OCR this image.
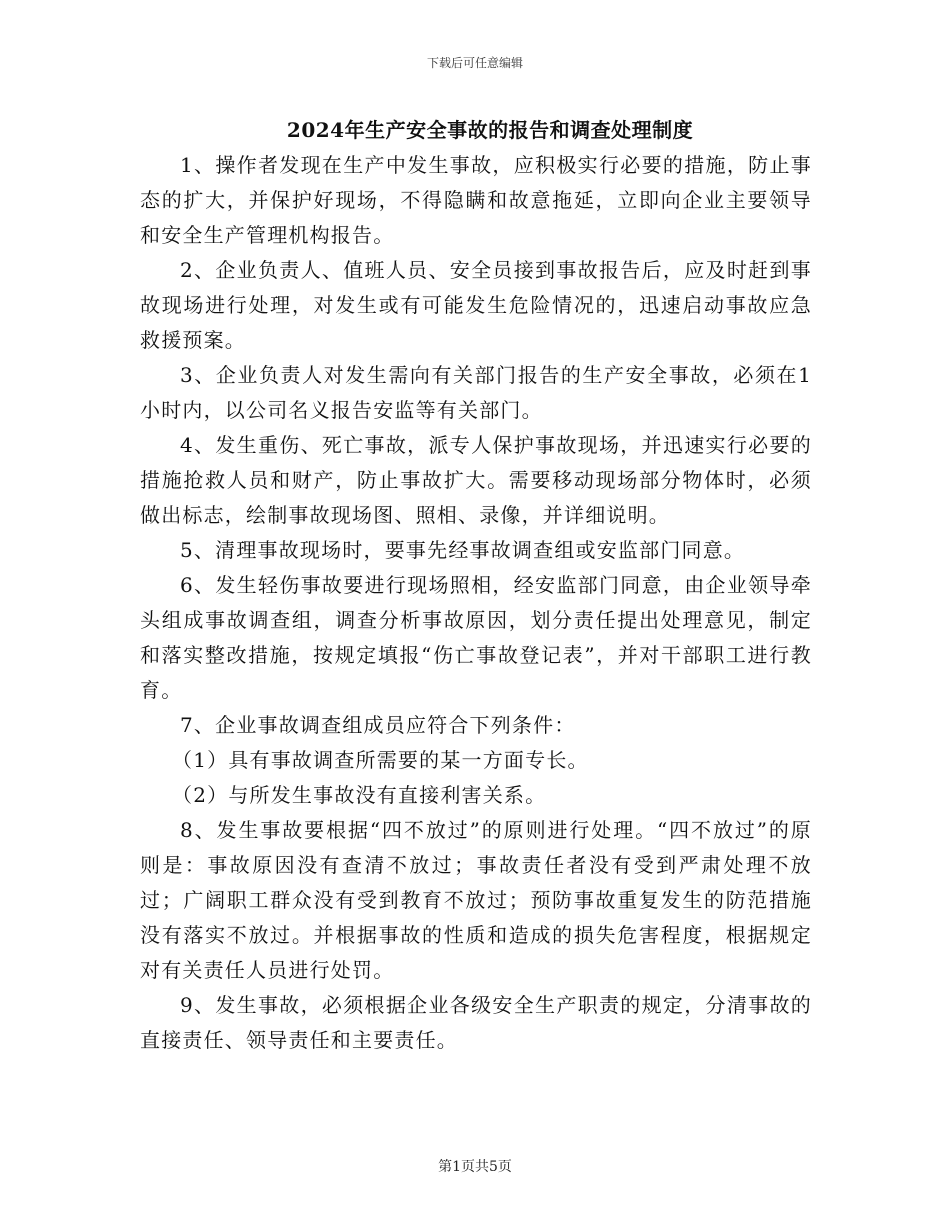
下载后可任意编辑
2024年生产安全事故的报告和调查处理制度

1、操作者发现在生产中发生事故，应积极实行必要的措施，防止事态的扩大，并保护好现场，不得隐瞒和故意拖延，立即向企业主要领导和安全生产管理机构报告。

2、企业负责人、值班人员、安全员接到事故报告后，应及时赶到事故现场进行处理，对发生或有可能发生危险情况的，迅速启动事故应急救援预案。

3、企业负责人对发生需向有关部门报告的生产安全事故，必须在1小时内，以公司名义报告安监等有关部门。

4、发生重伤、死亡事故，派专人保护事故现场，并迅速实行必要的措施抢救人员和财产，防止事故扩大。需要移动现场部分物体时，必须做出标志，绘制事故现场图、照相、录像，并详细说明。

5、清理事故现场时，要事先经事故调查组或安监部门同意。

6、发生轻伤事故要进行现场照相，经安监部门同意，由企业领导牵头组成事故调查组，调查分析事故原因，划分责任提出处理意见，制定和落实整改措施，按规定填报“伤亡事故登记表”，并对干部职工进行教育。

7、企业事故调查组成员应符合下列条件：

（1）具有事故调查所需要的某一方面专长。

（2）与所发生事故没有直接利害关系。

8、发生事故要根据“四不放过”的原则进行处理。“四不放过”的原则是：事故原因没有查清不放过；事故责任者没有受到严肃处理不放过；广阔职工群众没有受到教育不放过；预防事故重复发生的防范措施没有落实不放过。并根据事故的性质和造成的损失危害程度，根据规定对有关责任人员进行处罚。

9、发生事故，必须根据企业各级安全生产职责的规定，分清事故的直接责任、领导责任和主要责任。

第1页共5页
